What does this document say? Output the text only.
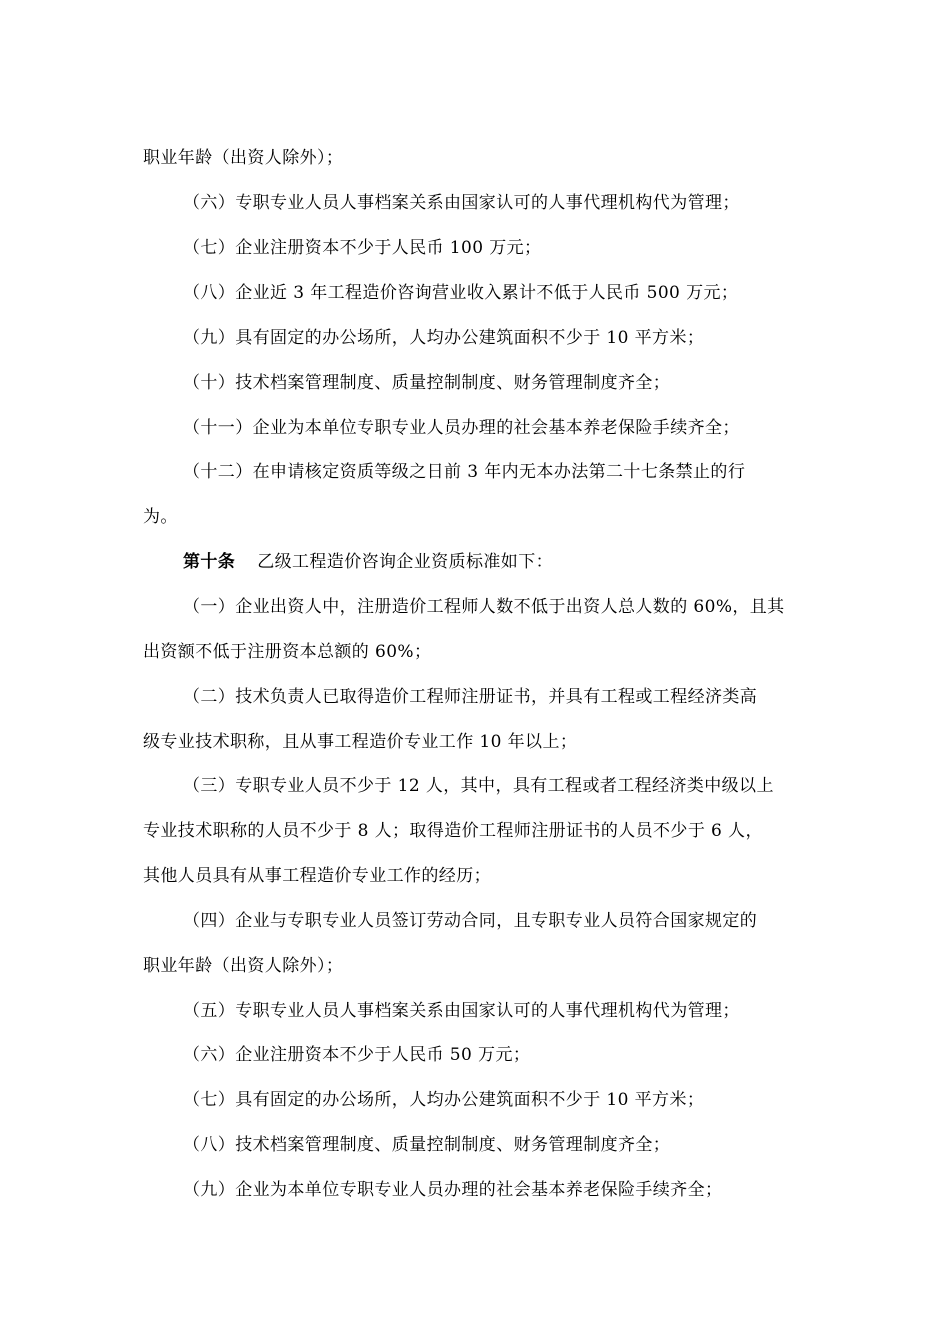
职业年龄（出资人除外）；
（六）专职专业人员人事档案关系由国家认可的人事代理机构代为管理；
（七）企业注册资本不少于人民币 100 万元；
（八）企业近 3 年工程造价咨询营业收入累计不低于人民币 500 万元；
（九）具有固定的办公场所，人均办公建筑面积不少于 10 平方米；
（十）技术档案管理制度、质量控制制度、财务管理制度齐全；
（十一）企业为本单位专职专业人员办理的社会基本养老保险手续齐全；
（十二）在申请核定资质等级之日前 3 年内无本办法第二十七条禁止的行
为。
第十条 乙级工程造价咨询企业资质标准如下：
（一）企业出资人中，注册造价工程师人数不低于出资人总人数的 60%，且其
出资额不低于注册资本总额的 60%；
（二）技术负责人已取得造价工程师注册证书，并具有工程或工程经济类高
级专业技术职称，且从事工程造价专业工作 10 年以上；
（三）专职专业人员不少于 12 人，其中，具有工程或者工程经济类中级以上
专业技术职称的人员不少于 8 人；取得造价工程师注册证书的人员不少于 6 人，
其他人员具有从事工程造价专业工作的经历；
（四）企业与专职专业人员签订劳动合同，且专职专业人员符合国家规定的
职业年龄（出资人除外）；
（五）专职专业人员人事档案关系由国家认可的人事代理机构代为管理；
（六）企业注册资本不少于人民币 50 万元；
（七）具有固定的办公场所，人均办公建筑面积不少于 10 平方米；
（八）技术档案管理制度、质量控制制度、财务管理制度齐全；
（九）企业为本单位专职专业人员办理的社会基本养老保险手续齐全；
